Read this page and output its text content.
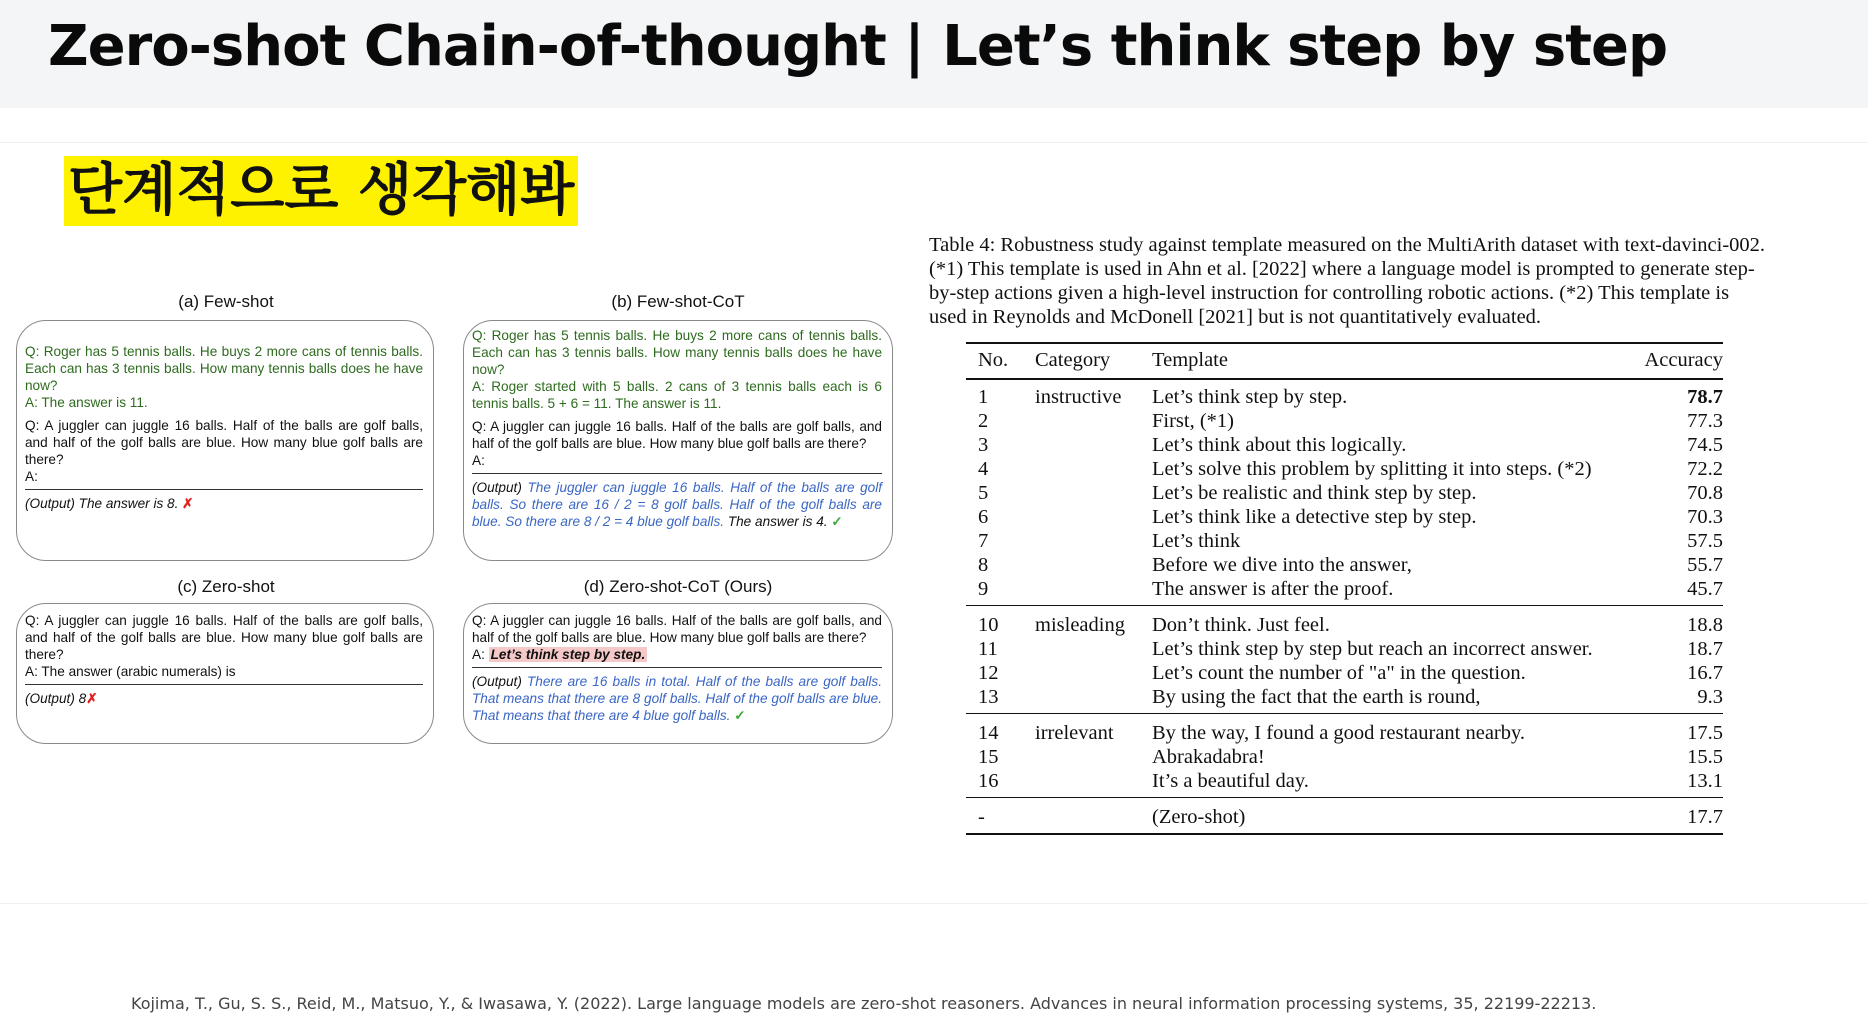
Zero-shot Chain-of-thought | Let’s think step by step
단계적으로 생각해봐
(a) Few-shot

Q: Roger has 5 tennis balls. He buys 2 more cans of tennis balls. Each can has 3 tennis balls. How many tennis balls does he have now?

A: The answer is 11.

Q: A juggler can juggle 16 balls. Half of the balls are golf balls, and half of the golf balls are blue. How many blue golf balls are there?

A:

(Output) The answer is 8. ✗
(b) Few-shot-CoT

Q: Roger has 5 tennis balls. He buys 2 more cans of tennis balls. Each can has 3 tennis balls. How many tennis balls does he have now?

A: Roger started with 5 balls. 2 cans of 3 tennis balls each is 6 tennis balls. 5 + 6 = 11. The answer is 11.

Q: A juggler can juggle 16 balls. Half of the balls are golf balls, and half of the golf balls are blue. How many blue golf balls are there?

A:

(Output) The juggler can juggle 16 balls. Half of the balls are golf balls. So there are 16 / 2 = 8 golf balls. Half of the golf balls are blue. So there are 8 / 2 = 4 blue golf balls. The answer is 4. ✓
(c) Zero-shot

Q: A juggler can juggle 16 balls. Half of the balls are golf balls, and half of the golf balls are blue. How many blue golf balls are there?

A: The answer (arabic numerals) is

(Output) 8✗
(d) Zero-shot-CoT (Ours)

Q: A juggler can juggle 16 balls. Half of the balls are golf balls, and half of the golf balls are blue. How many blue golf balls are there?

A: Let’s think step by step.

(Output) There are 16 balls in total. Half of the balls are golf balls. That means that there are 8 golf balls. Half of the golf balls are blue. That means that there are 4 blue golf balls. ✓
Table 4: Robustness study against template measured on the MultiArith dataset with text-davinci-002. (*1) This template is used in Ahn et al. [2022] where a language model is prompted to generate step-by-step actions given a high-level instruction for controlling robotic actions. (*2) This template is used in Reynolds and McDonell [2021] but is not quantitatively evaluated.
No. Category Template	Accuracy
1 instructive Let’s think step by step.	78.7
2	First, (*1)	77.3
3	Let’s think about this logically.	74.5
4	Let’s solve this problem by splitting it into steps. (*2)	72.2
5	Let’s be realistic and think step by step.	70.8
6	Let’s think like a detective step by step.	70.3
7	Let’s think	57.5
8	Before we dive into the answer,	55.7
9	The answer is after the proof.	45.7
10 misleading Don’t think. Just feel.	18.8
11	Let’s think step by step but reach an incorrect answer.	18.7
12	Let’s count the number of "a" in the question.	16.7
13	By using the fact that the earth is round,	9.3
14 irrelevant By the way, I found a good restaurant nearby.	17.5
15	Abrakadabra!	15.5
16	It’s a beautiful day.	13.1
-	(Zero-shot)	17.7
Kojima, T., Gu, S. S., Reid, M., Matsuo, Y., & Iwasawa, Y. (2022). Large language models are zero-shot reasoners. Advances in neural information processing systems, 35, 22199-22213.
